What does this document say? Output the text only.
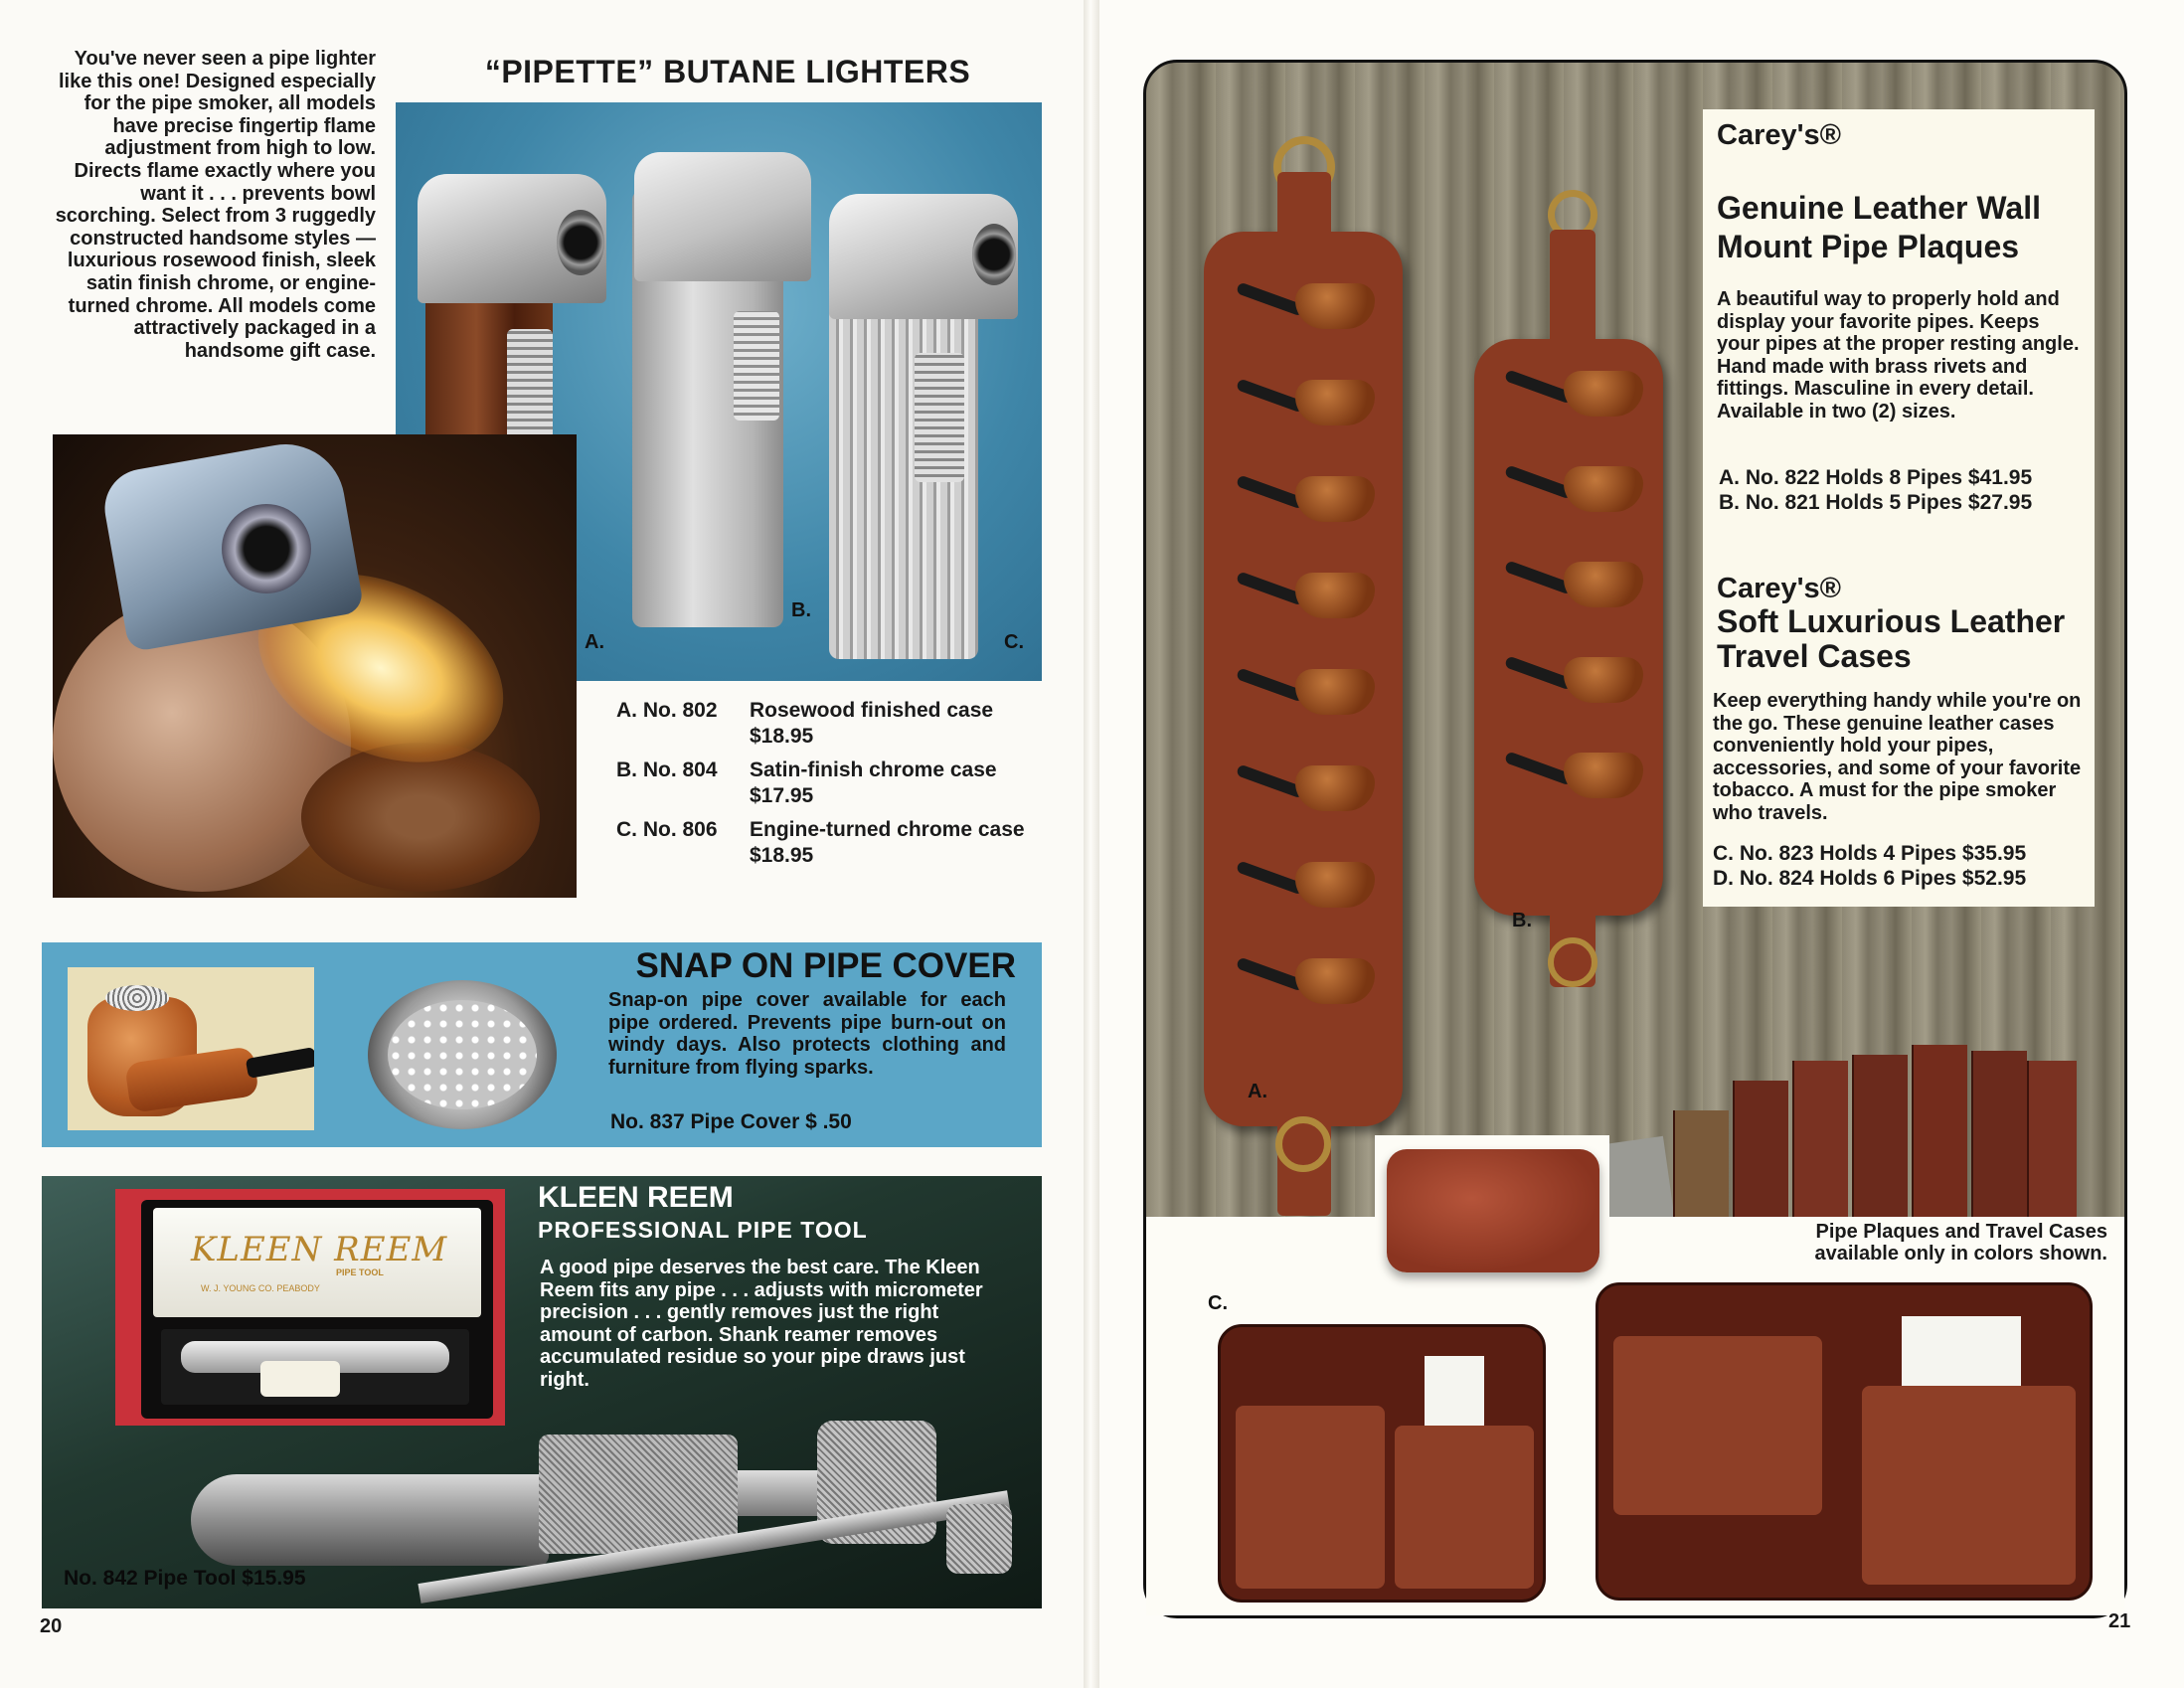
You've never seen a pipe lighter like this one! Designed especially for the pipe smoker, all models have precise fingertip flame adjustment from high to low. Directs flame exactly where you want it . . . prevents bowl scorching. Select from 3 ruggedly constructed handsome styles —luxurious rosewood finish, sleek satin finish chrome, or engine-turned chrome. All models come attractively packaged in a handsome gift case.
“PIPETTE” BUTANE LIGHTERS
A.
B.
C.
A. No. 802	Rosewood finished case
$18.95
B. No. 804	Satin-finish chrome case
$17.95
C. No. 806	Engine-turned chrome case
$18.95
SNAP ON PIPE COVER
Snap-on pipe cover available for each pipe ordered. Prevents pipe burn-out on windy days. Also protects clothing and furniture from flying sparks.
No. 837 Pipe Cover $ .50
KLEEN REEM
PIPE TOOL
W. J. YOUNG CO. PEABODY
KLEEN REEM
PROFESSIONAL PIPE TOOL
A good pipe deserves the best care. The Kleen Reem fits any pipe . . . adjusts with micrometer precision . . . gently removes just the right amount of carbon. Shank reamer removes accumulated residue so your pipe draws just right.
No. 842 Pipe Tool $15.95
20
A.
B.
C.
Carey's®
Genuine Leather Wall Mount Pipe Plaques
A beautiful way to properly hold and display your favorite pipes. Keeps your pipes at the proper resting angle. Hand made with brass rivets and fittings. Masculine in every detail. Available in two (2) sizes.
A. No. 822 Holds 8 Pipes $41.95
B. No. 821 Holds 5 Pipes $27.95
Carey's®
Soft Luxurious Leather Travel Cases
Keep everything handy while you're on the go. These genuine leather cases conveniently hold your pipes, accessories, and some of your favorite tobacco. A must for the pipe smoker who travels.
C. No. 823 Holds 4 Pipes $35.95
D. No. 824 Holds 6 Pipes $52.95
Pipe Plaques and Travel Cases available only in colors shown.
21
